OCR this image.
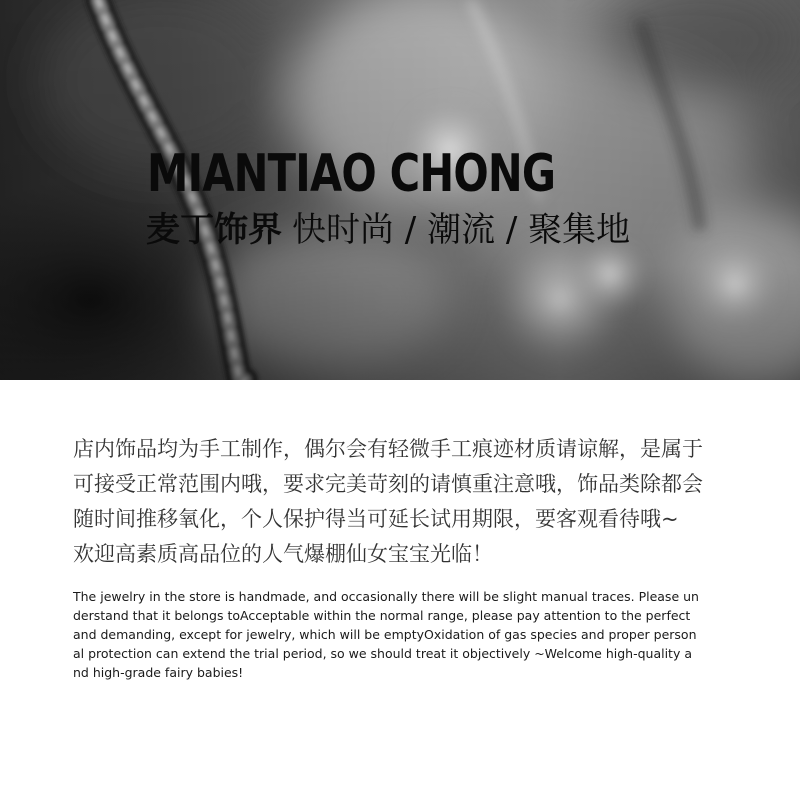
MIANTIAO CHONG

麦丁饰界 快时尚 / 潮流 / 聚集地

店内饰品均为手工制作，偶尔会有轻微手工痕迹材质请谅解，是属于
可接受正常范围内哦，要求完美苛刻的请慎重注意哦，饰品类除都会
随时间推移氧化，个人保护得当可延长试用期限，要客观看待哦~
欢迎高素质高品位的人气爆棚仙女宝宝光临！
The jewelry in the store is handmade, and occasionally there will be slight manual traces. Please un
derstand that it belongs toAcceptable within the normal range, please pay attention to the perfect
and demanding, except for jewelry, which will be emptyOxidation of gas species and proper person
al protection can extend the trial period, so we should treat it objectively ~Welcome high-quality a
nd high-grade fairy babies!
